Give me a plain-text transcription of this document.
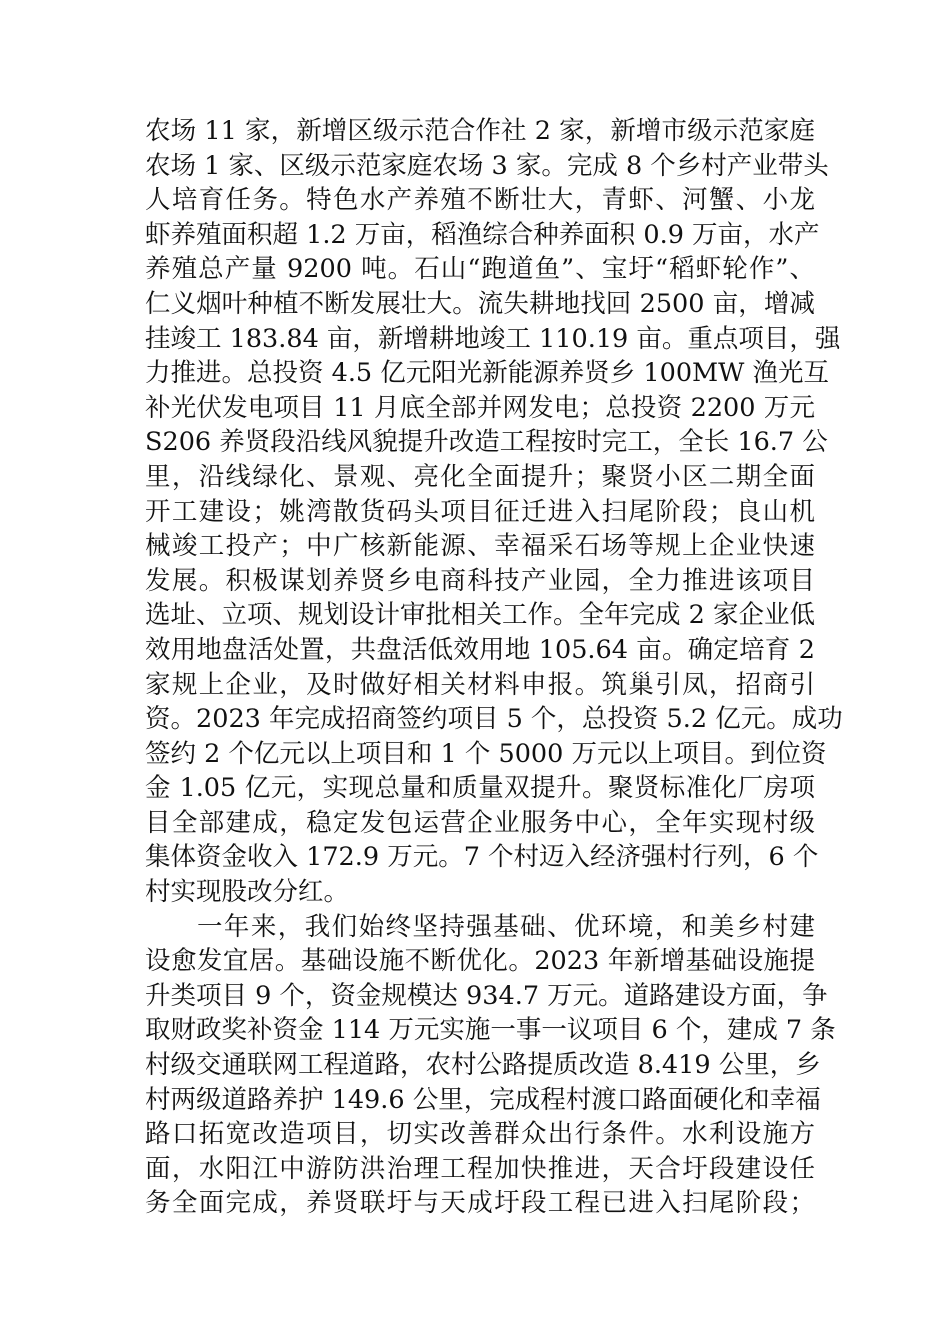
农场 11 家，新增区级示范合作社 2 家，新增市级示范家庭
农场 1 家、区级示范家庭农场 3 家。完成 8 个乡村产业带头
人培育任务。特色水产养殖不断壮大，青虾、河蟹、小龙
虾养殖面积超 1.2 万亩，稻渔综合种养面积 0.9 万亩，水产
养殖总产量 9200 吨。石山“跑道鱼”、宝圩“稻虾轮作”、
仁义烟叶种植不断发展壮大。流失耕地找回 2500 亩，增减
挂竣工 183.84 亩，新增耕地竣工 110.19 亩。重点项目，强
力推进。总投资 4.5 亿元阳光新能源养贤乡 100MW 渔光互
补光伏发电项目 11 月底全部并网发电；总投资 2200 万元
S206 养贤段沿线风貌提升改造工程按时完工，全长 16.7 公
里，沿线绿化、景观、亮化全面提升；聚贤小区二期全面
开工建设；姚湾散货码头项目征迁进入扫尾阶段；良山机
械竣工投产；中广核新能源、幸福采石场等规上企业快速
发展。积极谋划养贤乡电商科技产业园，全力推进该项目
选址、立项、规划设计审批相关工作。全年完成 2 家企业低
效用地盘活处置，共盘活低效用地 105.64 亩。确定培育 2
家规上企业，及时做好相关材料申报。筑巢引凤，招商引
资。2023 年完成招商签约项目 5 个，总投资 5.2 亿元。成功
签约 2 个亿元以上项目和 1 个 5000 万元以上项目。到位资
金 1.05 亿元，实现总量和质量双提升。聚贤标准化厂房项
目全部建成，稳定发包运营企业服务中心，全年实现村级
集体资金收入 172.9 万元。7 个村迈入经济强村行列，6 个
村实现股改分红。
一年来，我们始终坚持强基础、优环境，和美乡村建
设愈发宜居。基础设施不断优化。2023 年新增基础设施提
升类项目 9 个，资金规模达 934.7 万元。道路建设方面，争
取财政奖补资金 114 万元实施一事一议项目 6 个，建成 7 条
村级交通联网工程道路，农村公路提质改造 8.419 公里，乡
村两级道路养护 149.6 公里，完成程村渡口路面硬化和幸福
路口拓宽改造项目，切实改善群众出行条件。水利设施方
面，水阳江中游防洪治理工程加快推进，天合圩段建设任
务全面完成，养贤联圩与天成圩段工程已进入扫尾阶段；
